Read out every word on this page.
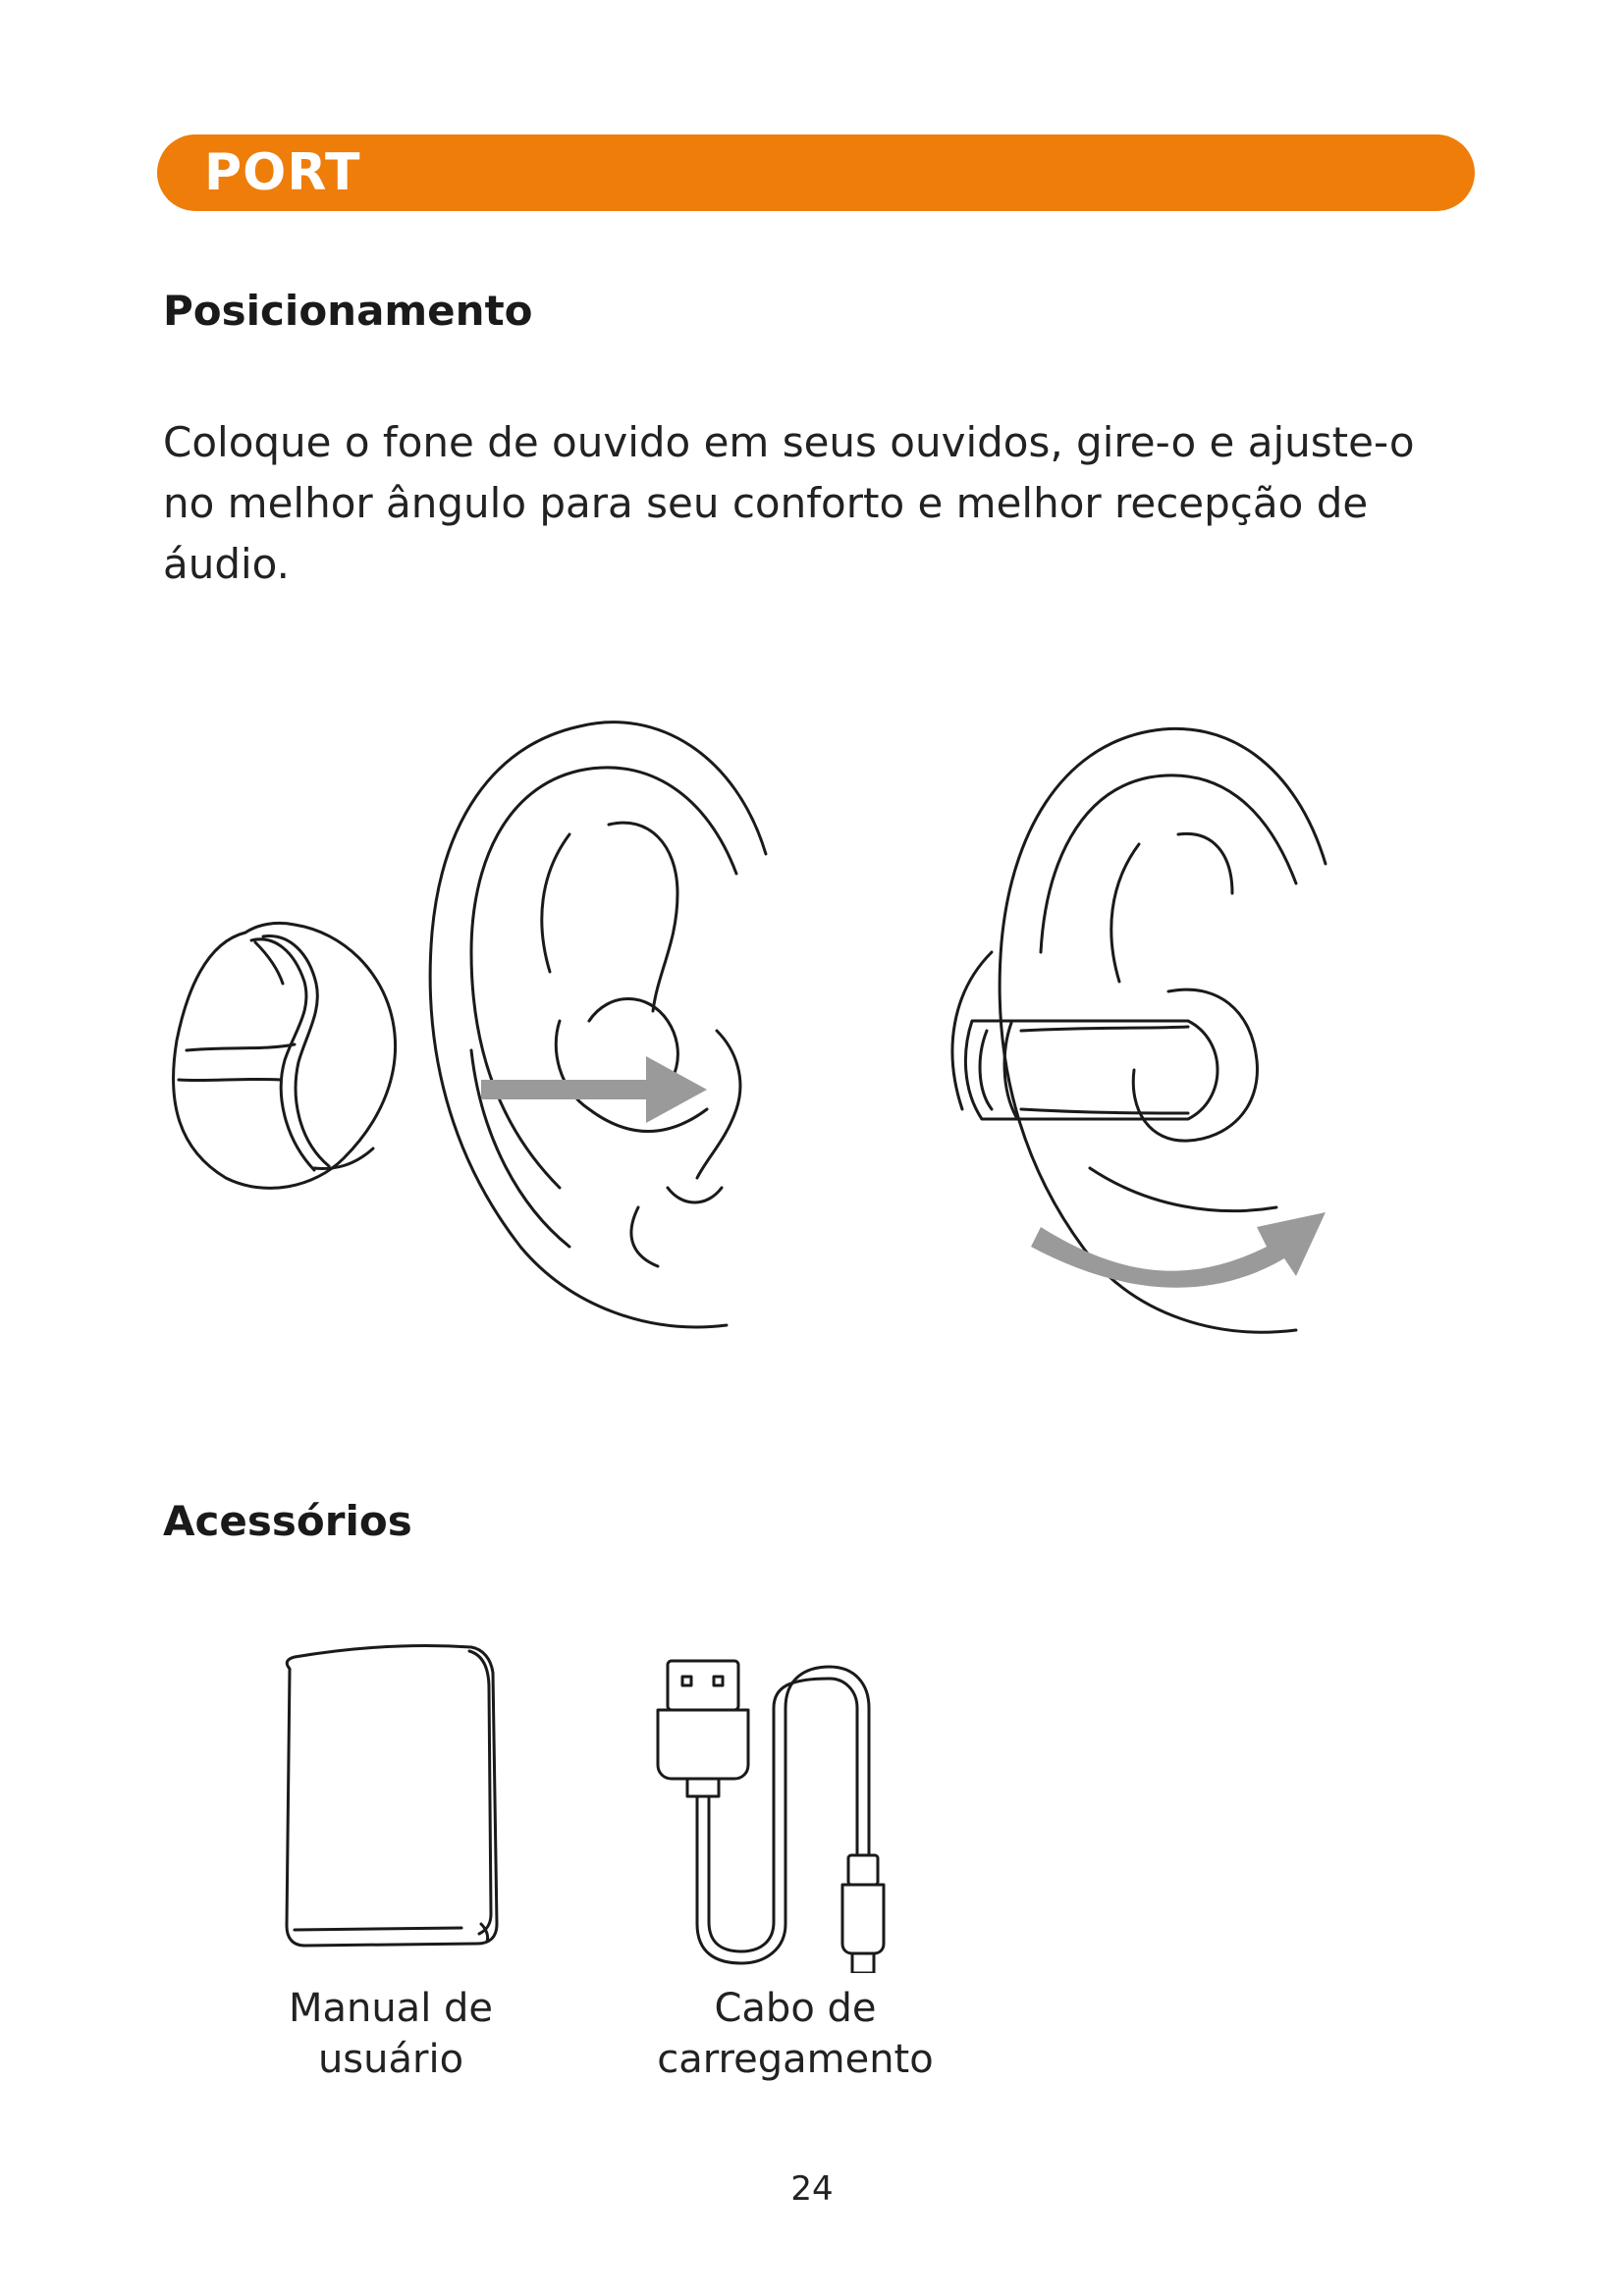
PORT
Posicionamento

Coloque o fone de ouvido em seus ouvidos, gire-o e ajuste-o no melhor ângulo para seu conforto e melhor recepção de áudio.

Acessórios
Manual de
usuário
Cabo de
carregamento
24
